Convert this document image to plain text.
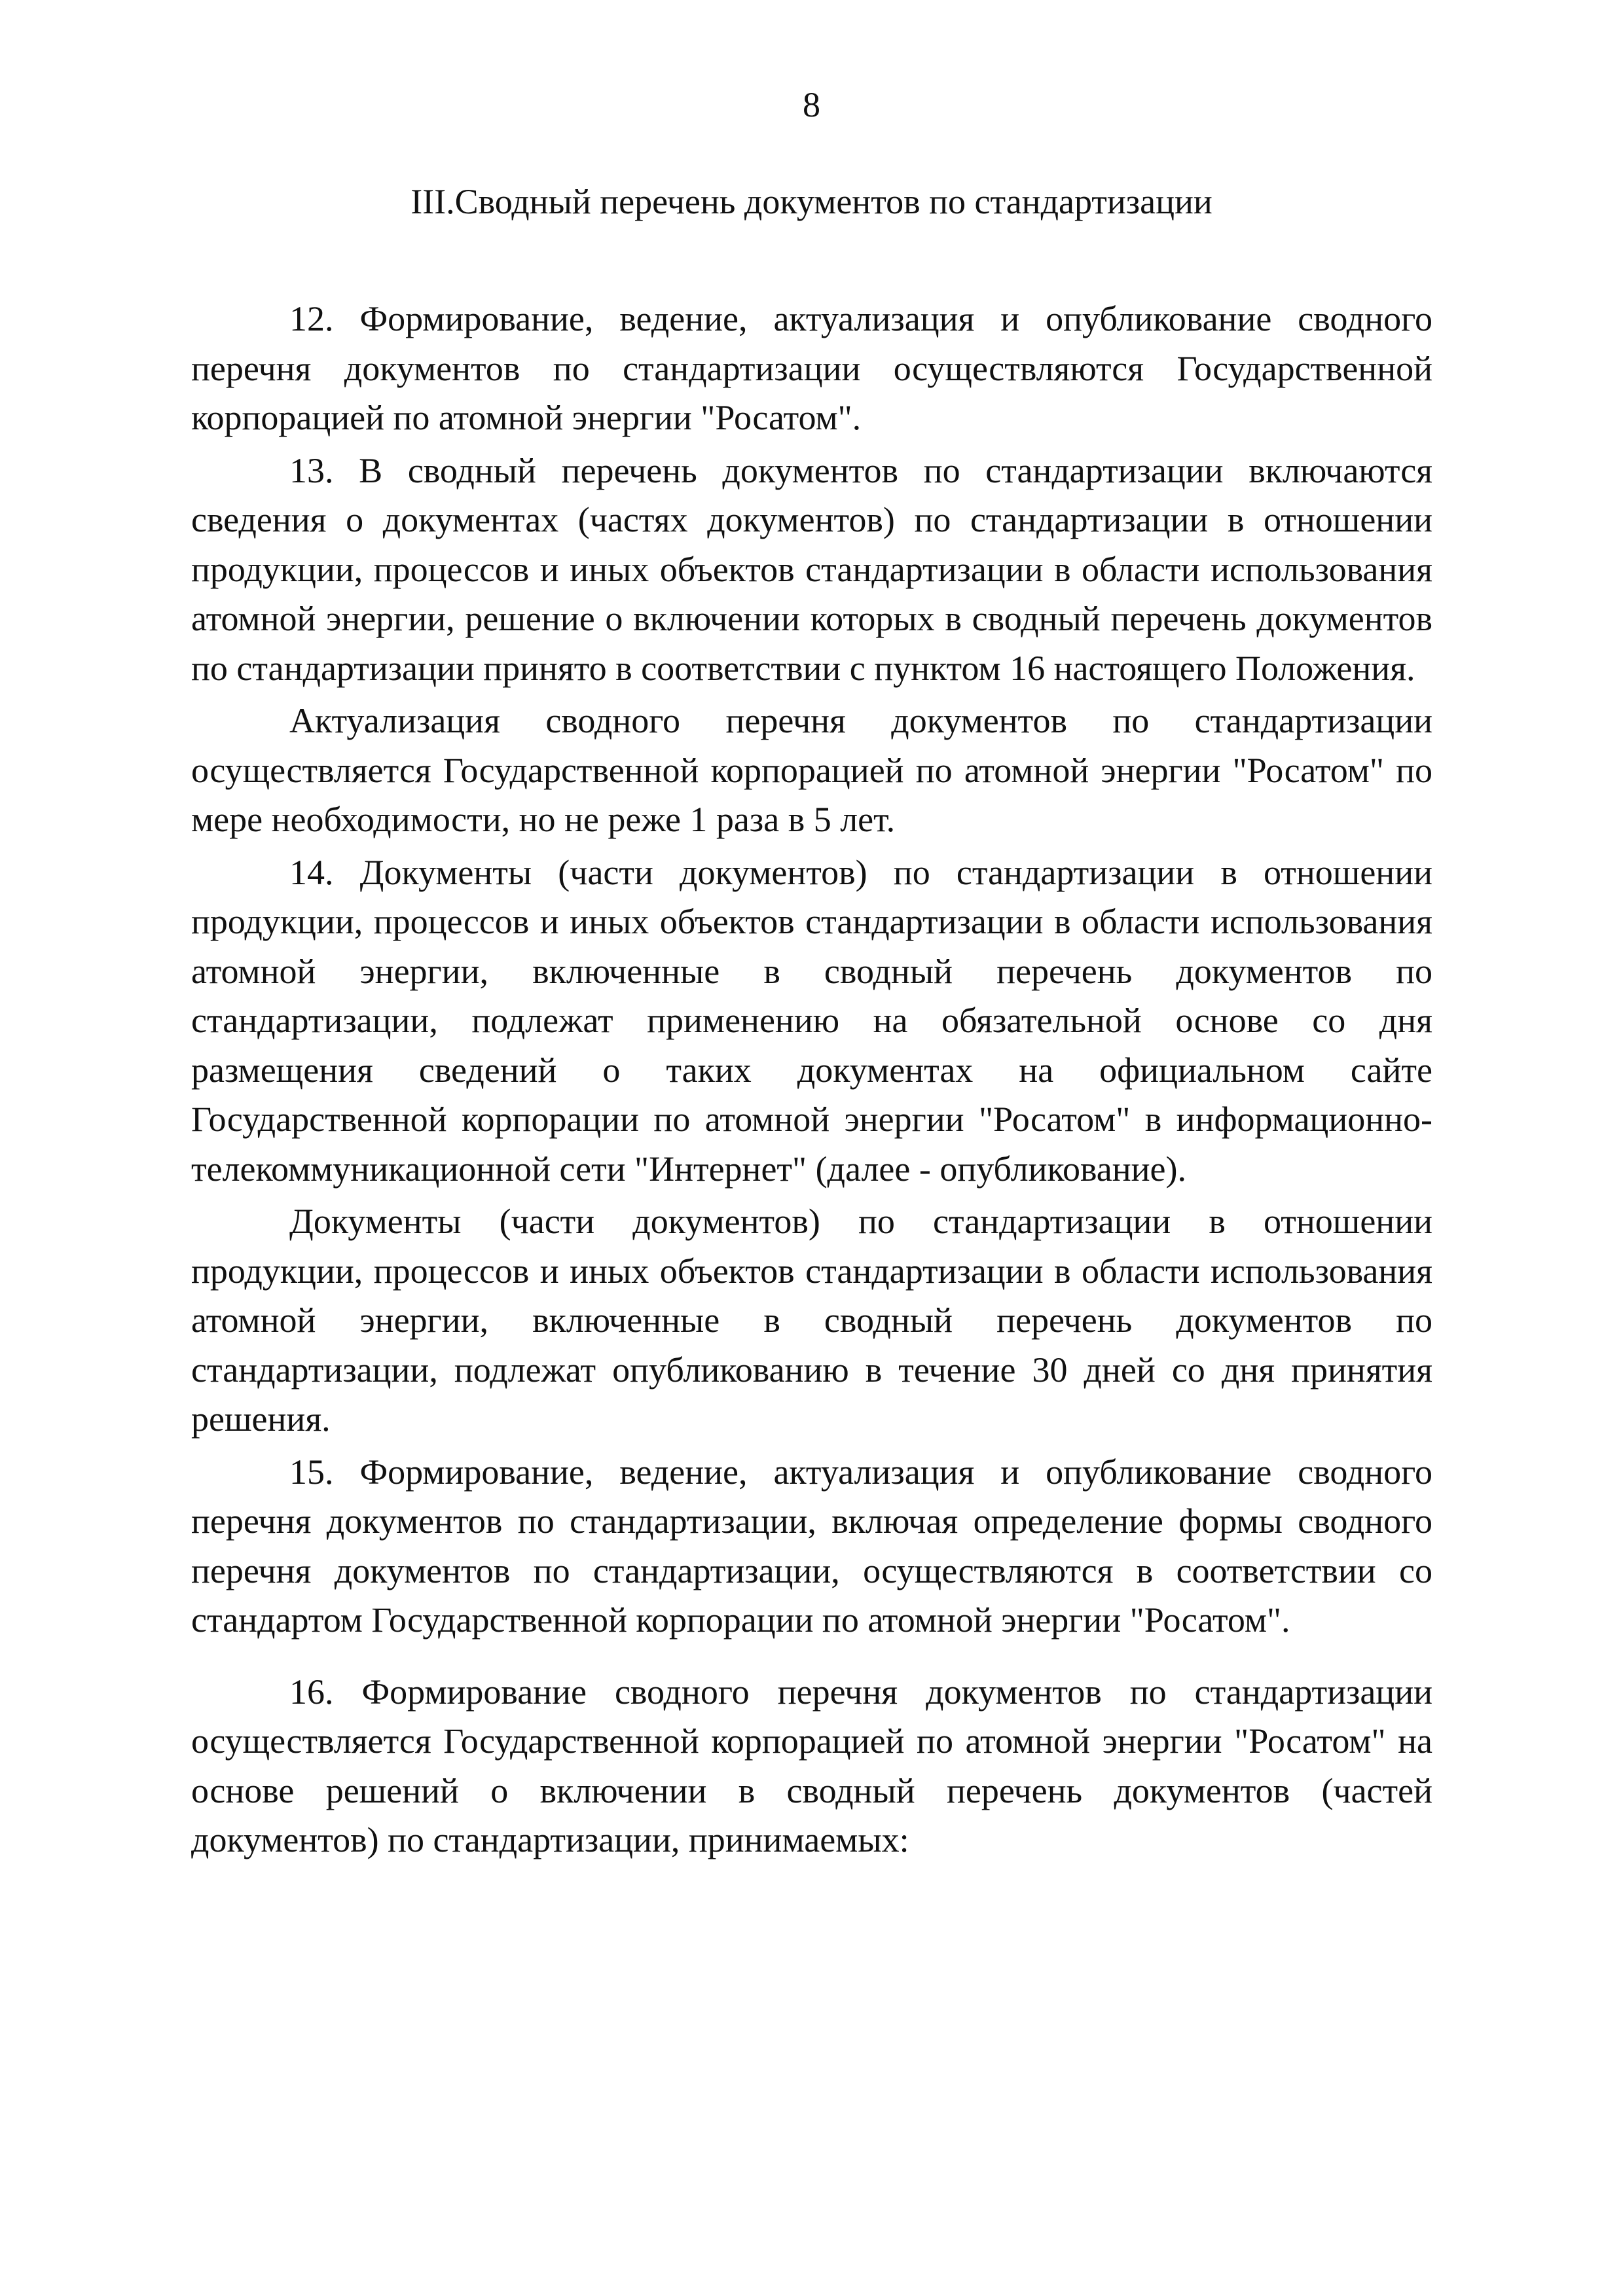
8

III.Сводный перечень документов по стандартизации

12. Формирование, ведение, актуализация и опубликование сводного перечня документов по стандартизации осуществляются Государственной корпорацией по атомной энергии "Росатом".

13. В сводный перечень документов по стандартизации включаются сведения о документах (частях документов) по стандартизации в отношении продукции, процессов и иных объектов стандартизации в области использования атомной энергии, решение о включении которых в сводный перечень документов по стандартизации принято в соответствии с пунктом 16 настоящего Положения.

Актуализация сводного перечня документов по стандартизации осуществляется Государственной корпорацией по атомной энергии "Росатом" по мере необходимости, но не реже 1 раза в 5 лет.

14. Документы (части документов) по стандартизации в отношении продукции, процессов и иных объектов стандартизации в области использования атомной энергии, включенные в сводный перечень документов по стандартизации, подлежат применению на обязательной основе со дня размещения сведений о таких документах на официальном сайте Государственной корпорации по атомной энергии "Росатом" в информационно-телекоммуникационной сети "Интернет" (далее - опубликование).

Документы (части документов) по стандартизации в отношении продукции, процессов и иных объектов стандартизации в области использования атомной энергии, включенные в сводный перечень документов по стандартизации, подлежат опубликованию в течение 30 дней со дня принятия решения.

15. Формирование, ведение, актуализация и опубликование сводного перечня документов по стандартизации, включая определение формы сводного перечня документов по стандартизации, осуществляются в соответствии со стандартом Государственной корпорации по атомной энергии "Росатом".

16. Формирование сводного перечня документов по стандартизации осуществляется Государственной корпорацией по атомной энергии "Росатом" на основе решений о включении в сводный перечень документов (частей документов) по стандартизации, принимаемых:
